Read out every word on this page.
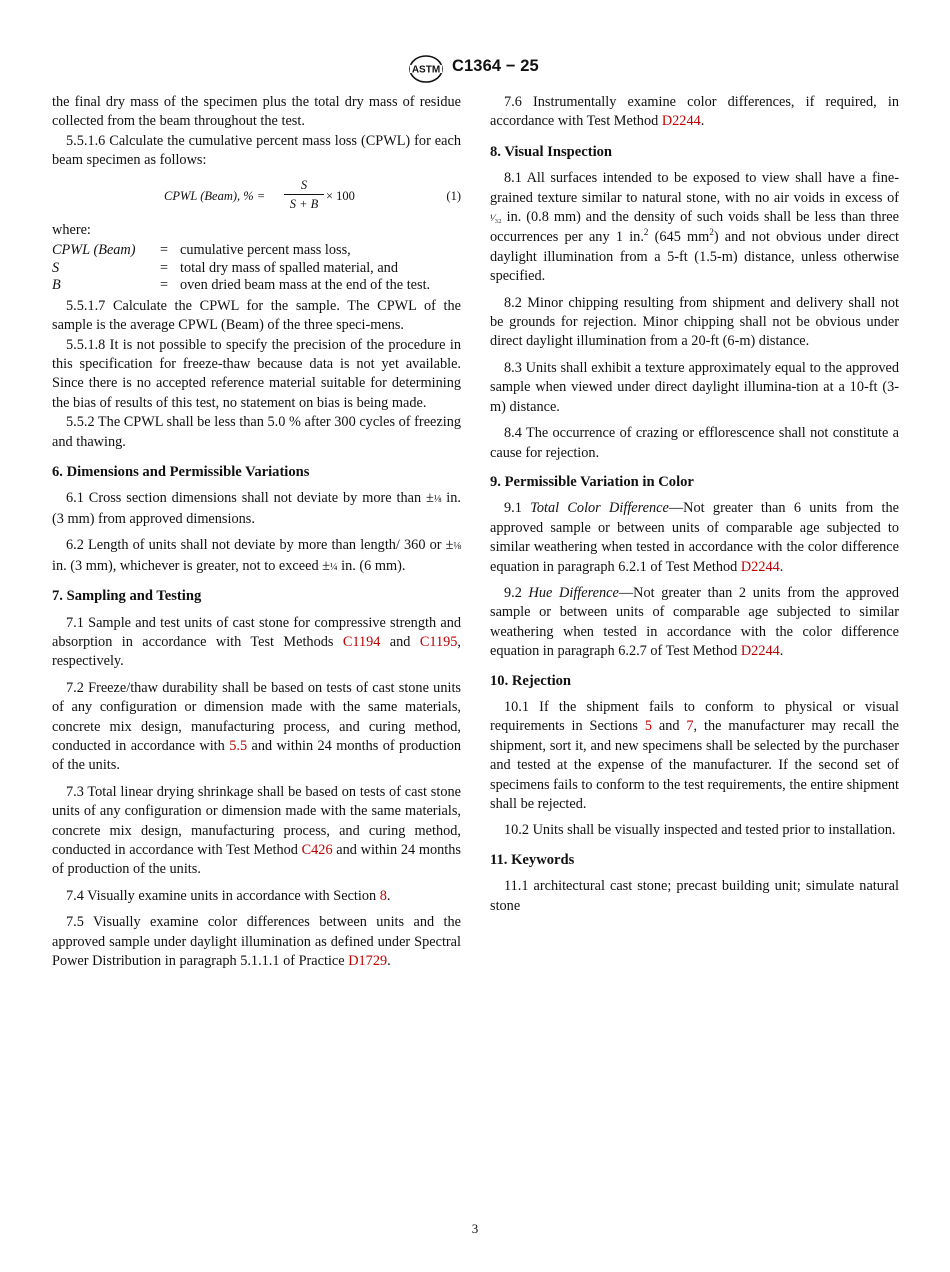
ASTM C1364 − 25

the final dry mass of the specimen plus the total dry mass of residue collected from the beam throughout the test.

5.5.1.6 Calculate the cumulative percent mass loss (CPWL) for each beam specimen as follows:

CPWL (Beam), % =
S
S + B
× 100	(1)

where:

CPWL (Beam)	= cumulative percent mass loss,
S	= total dry mass of spalled material, and
B	= oven dried beam mass at the end of the test.

5.5.1.7 Calculate the CPWL for the sample. The CPWL of the sample is the average CPWL (Beam) of the three speci-mens.

5.5.1.8 It is not possible to specify the precision of the procedure in this specification for freeze-thaw because data is not yet available. Since there is no accepted reference material suitable for determining the bias of results of this test, no statement on bias is being made.

5.5.2 The CPWL shall be less than 5.0 % after 300 cycles of freezing and thawing.

6. Dimensions and Permissible Variations

6.1 Cross section dimensions shall not deviate by more than ±⅛ in. (3 mm) from approved dimensions.

6.2 Length of units shall not deviate by more than length/ 360 or ±⅛ in. (3 mm), whichever is greater, not to exceed ±¼ in. (6 mm).

7. Sampling and Testing

7.1 Sample and test units of cast stone for compressive strength and absorption in accordance with Test Methods C1194 and C1195, respectively.

7.2 Freeze/thaw durability shall be based on tests of cast stone units of any configuration or dimension made with the same materials, concrete mix design, manufacturing process, and curing method, conducted in accordance with 5.5 and within 24 months of production of the units.

7.3 Total linear drying shrinkage shall be based on tests of cast stone units of any configuration or dimension made with the same materials, concrete mix design, manufacturing process, and curing method, conducted in accordance with Test Method C426 and within 24 months of production of the units.

7.4 Visually examine units in accordance with Section 8.

7.5 Visually examine color differences between units and the approved sample under daylight illumination as defined under Spectral Power Distribution in paragraph 5.1.1.1 of Practice D1729.

7.6 Instrumentally examine color differences, if required, in accordance with Test Method D2244.

8. Visual Inspection

8.1 All surfaces intended to be exposed to view shall have a fine-grained texture similar to natural stone, with no air voids in excess of ¹⁄₃₂ in. (0.8 mm) and the density of such voids shall be less than three occurrences per any 1 in.$^2$ (645 $mm^2$) and not obvious under direct daylight illumination from a 5-ft (1.5-m) distance, unless otherwise specified.

8.2 Minor chipping resulting from shipment and delivery shall not be grounds for rejection. Minor chipping shall not be obvious under direct daylight illumination from a 20-ft (6-m) distance.

8.3 Units shall exhibit a texture approximately equal to the approved sample when viewed under direct daylight illumina-tion at a 10-ft (3-m) distance.

8.4 The occurrence of crazing or efflorescence shall not constitute a cause for rejection.

9. Permissible Variation in Color

9.1 Total Color Difference—Not greater than 6 units from the approved sample or between units of comparable age subjected to similar weathering when tested in accordance with the color difference equation in paragraph 6.2.1 of Test Method D2244.

9.2 Hue Difference—Not greater than 2 units from the approved sample or between units of comparable age subjected to similar weathering when tested in accordance with the color difference equation in paragraph 6.2.7 of Test Method D2244.

10. Rejection

10.1 If the shipment fails to conform to physical or visual requirements in Sections 5 and 7, the manufacturer may recall the shipment, sort it, and new specimens shall be selected by the purchaser and tested at the expense of the manufacturer. If the second set of specimens fails to conform to the test requirements, the entire shipment shall be rejected.

10.2 Units shall be visually inspected and tested prior to installation.

11. Keywords

11.1 architectural cast stone; precast building unit; simulate natural stone

3
